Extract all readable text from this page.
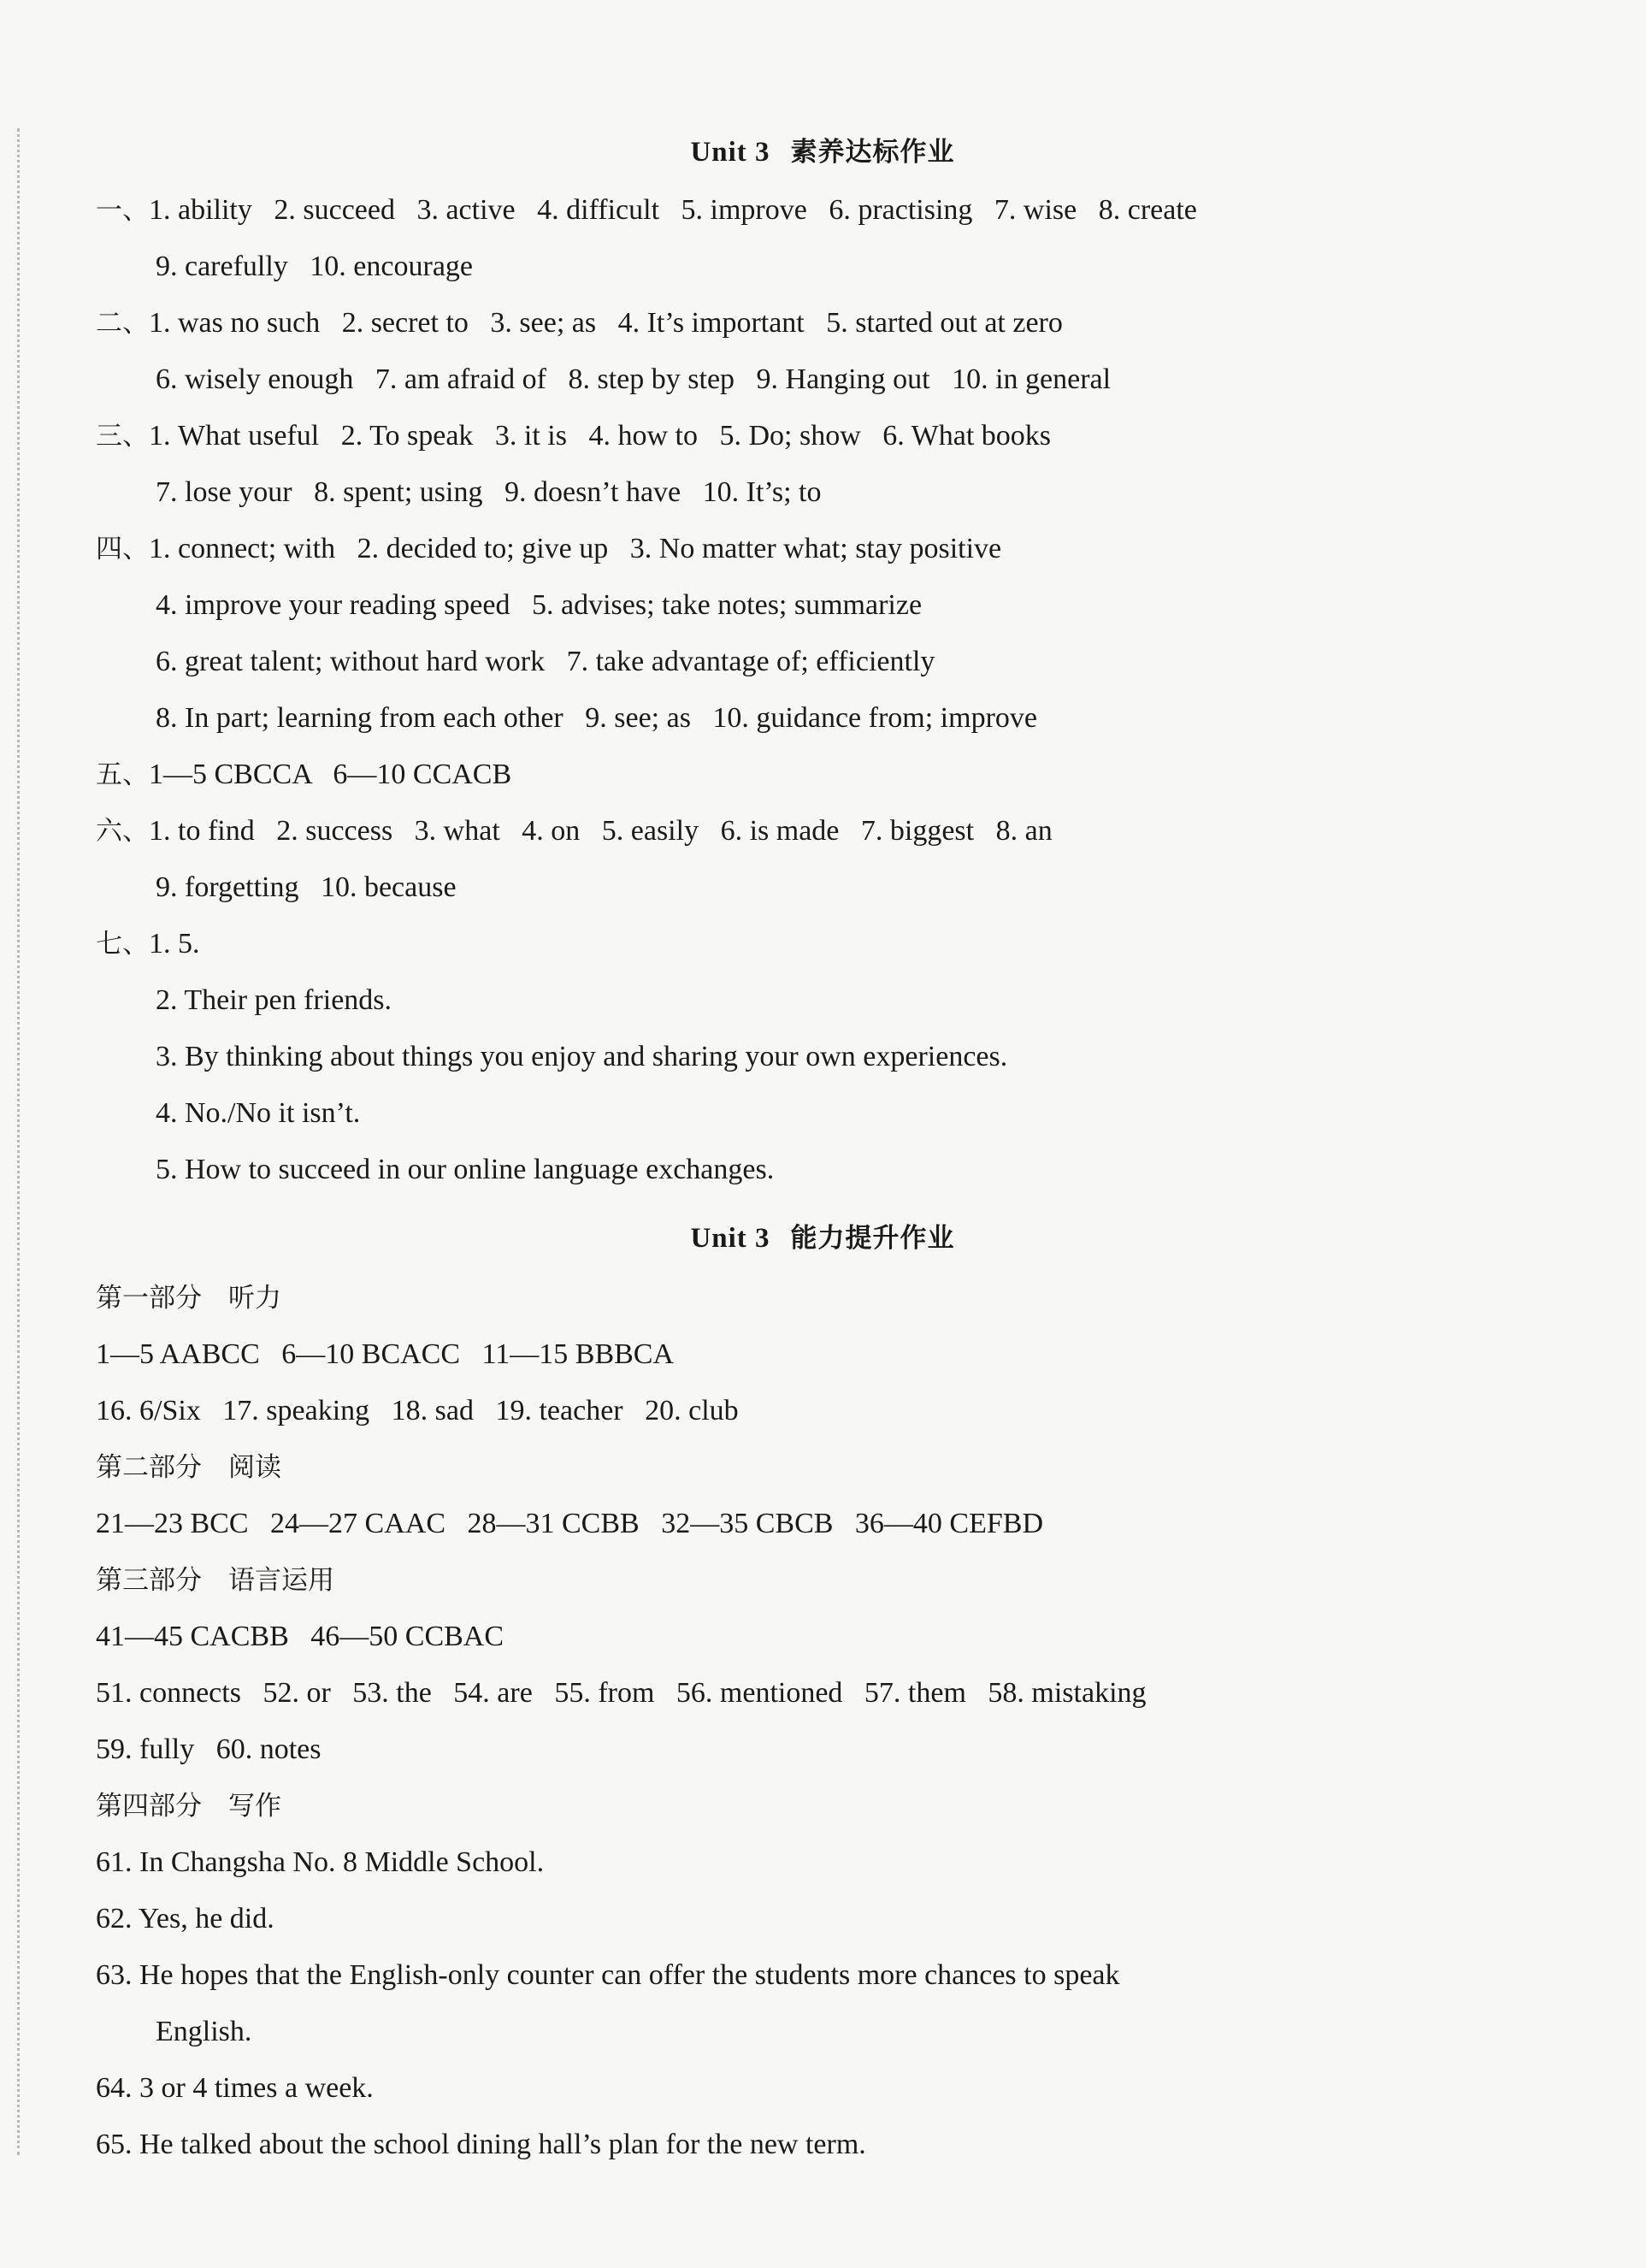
Unit 3 素养达标作业
一、1. ability   2. succeed   3. active   4. difficult   5. improve   6. practising   7. wise   8. create
9. carefully   10. encourage
二、1. was no such   2. secret to   3. see; as   4. It’s important   5. started out at zero
6. wisely enough   7. am afraid of   8. step by step   9. Hanging out   10. in general
三、1. What useful   2. To speak   3. it is   4. how to   5. Do; show   6. What books
7. lose your   8. spent; using   9. doesn’t have   10. It’s; to
四、1. connect; with   2. decided to; give up   3. No matter what; stay positive
4. improve your reading speed   5. advises; take notes; summarize
6. great talent; without hard work   7. take advantage of; efficiently
8. In part; learning from each other   9. see; as   10. guidance from; improve
五、1—5 CBCCA   6—10 CCACB
六、1. to find   2. success   3. what   4. on   5. easily   6. is made   7. biggest   8. an
9. forgetting   10. because
七、1. 5.
2. Their pen friends.
3. By thinking about things you enjoy and sharing your own experiences.
4. No./No it isn’t.
5. How to succeed in our online language exchanges.
Unit 3 能力提升作业
第一部分　听力
1—5 AABCC   6—10 BCACC   11—15 BBBCA
16. 6/Six   17. speaking   18. sad   19. teacher   20. club
第二部分　阅读
21—23 BCC   24—27 CAAC   28—31 CCBB   32—35 CBCB   36—40 CEFBD
第三部分　语言运用
41—45 CACBB   46—50 CCBAC
51. connects   52. or   53. the   54. are   55. from   56. mentioned   57. them   58. mistaking
59. fully   60. notes
第四部分　写作
61. In Changsha No. 8 Middle School.
62. Yes, he did.
63. He hopes that the English-only counter can offer the students more chances to speak
English.
64. 3 or 4 times a week.
65. He talked about the school dining hall’s plan for the new term.
